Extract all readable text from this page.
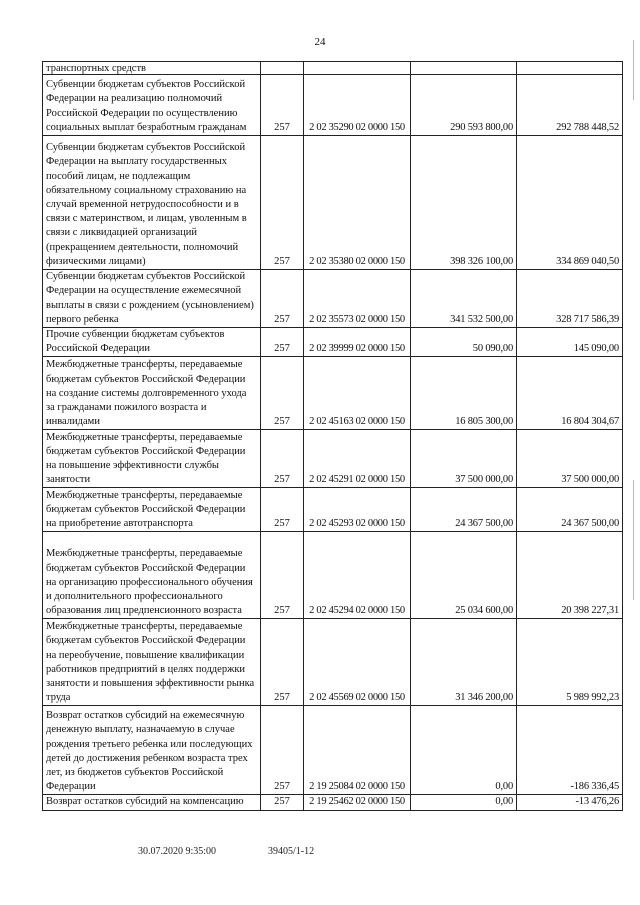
24
транспортных средств				
Субвенции бюджетам субъектов Российской Федерации на реализацию полномочий Российской Федерации по осуществлению социальных выплат безработным гражданам	257	2 02 35290 02 0000 150	290 593 800,00	292 788 448,52
Субвенции бюджетам субъектов Российской Федерации на выплату государственных пособий лицам, не подлежащим обязательному социальному страхованию на случай временной нетрудоспособности и в связи с материнством, и лицам, уволенным в связи с ликвидацией организаций (прекращением деятельности, полномочий физическими лицами)	257	2 02 35380 02 0000 150	398 326 100,00	334 869 040,50
Субвенции бюджетам субъектов Российской Федерации на осуществление ежемесячной выплаты в связи с рождением (усыновлением) первого ребенка	257	2 02 35573 02 0000 150	341 532 500,00	328 717 586,39
Прочие субвенции бюджетам субъектов Российской Федерации	257	2 02 39999 02 0000 150	50 090,00	145 090,00
Межбюджетные трансферты, передаваемые бюджетам субъектов Российской Федерации на создание системы долговременного ухода за гражданами пожилого возраста и инвалидами	257	2 02 45163 02 0000 150	16 805 300,00	16 804 304,67
Межбюджетные трансферты, передаваемые бюджетам субъектов Российской Федерации на повышение эффективности службы занятости	257	2 02 45291 02 0000 150	37 500 000,00	37 500 000,00
Межбюджетные трансферты, передаваемые бюджетам субъектов Российской Федерации на приобретение автотранспорта	257	2 02 45293 02 0000 150	24 367 500,00	24 367 500,00
Межбюджетные трансферты, передаваемые бюджетам субъектов Российской Федерации на организацию профессионального обучения и дополнительного профессионального образования лиц предпенсионного возраста	257	2 02 45294 02 0000 150	25 034 600,00	20 398 227,31
Межбюджетные трансферты, передаваемые бюджетам субъектов Российской Федерации на переобучение, повышение квалификации работников предприятий в целях поддержки занятости и повышения эффективности рынка труда	257	2 02 45569 02 0000 150	31 346 200,00	5 989 992,23
Возврат остатков субсидий на ежемесячную денежную выплату, назначаемую в случае рождения третьего ребенка или последующих детей до достижения ребенком возраста трех лет, из бюджетов субъектов Российской Федерации	257	2 19 25084 02 0000 150	0,00	-186 336,45
Возврат остатков субсидий на компенсацию	257	2 19 25462 02 0000 150	0,00	-13 476,26
30.07.2020 9:35:00	39405/1-12
